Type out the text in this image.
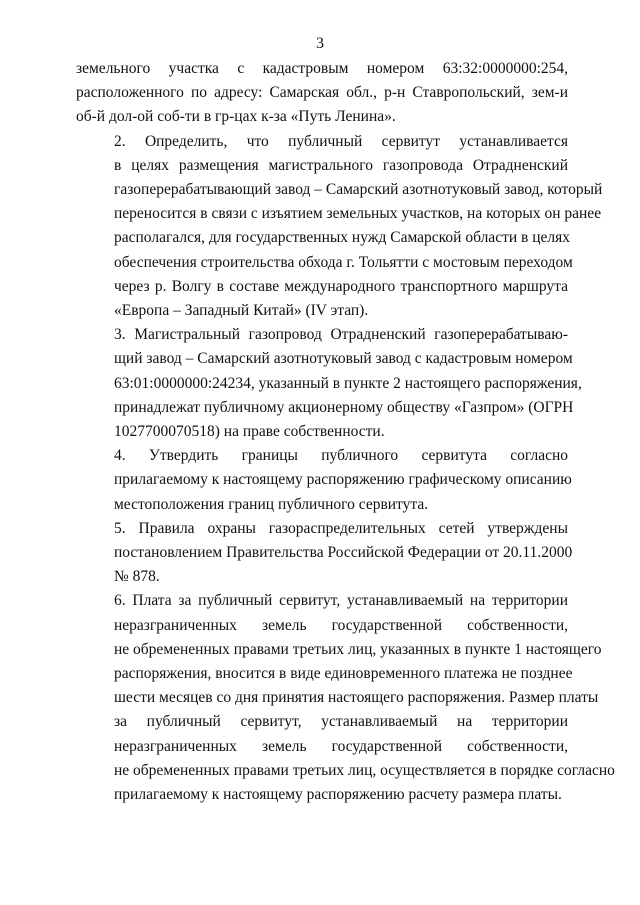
3

земельного участка с кадастровым номером 63:32:0000000:254,
расположенного по адресу: Самарская обл., р-н Ставропольский, зем-и
об-й дол-ой соб-ти в гр-цах к-за «Путь Ленина».

2. Определить, что публичный сервитут устанавливается
в целях размещения магистрального газопровода Отрадненский
газоперерабатывающий завод – Самарский азотнотуковый завод, который
переносится в связи с изъятием земельных участков, на которых он ранее
располагался, для государственных нужд Самарской области в целях
обеспечения строительства обхода г. Тольятти с мостовым переходом
через р. Волгу в составе международного транспортного маршрута
«Европа – Западный Китай» (IV этап).

3. Магистральный газопровод Отрадненский газоперерабатываю-
щий завод – Самарский азотнотуковый завод с кадастровым номером
63:01:0000000:24234, указанный в пункте 2 настоящего распоряжения,
принадлежат публичному акционерному обществу «Газпром» (ОГРН
1027700070518) на праве собственности.

4. Утвердить границы публичного сервитута согласно
прилагаемому к настоящему распоряжению графическому описанию
местоположения границ публичного сервитута.

5. Правила охраны газораспределительных сетей утверждены
постановлением Правительства Российской Федерации от 20.11.2000
№ 878.

6. Плата за публичный сервитут, устанавливаемый на территории
неразграниченных земель государственной собственности,
не обремененных правами третьих лиц, указанных в пункте 1 настоящего
распоряжения, вносится в виде единовременного платежа не позднее
шести месяцев со дня принятия настоящего распоряжения. Размер платы
за публичный сервитут, устанавливаемый на территории
неразграниченных земель государственной собственности,
не обремененных правами третьих лиц, осуществляется в порядке согласно
прилагаемому к настоящему распоряжению расчету размера платы.
